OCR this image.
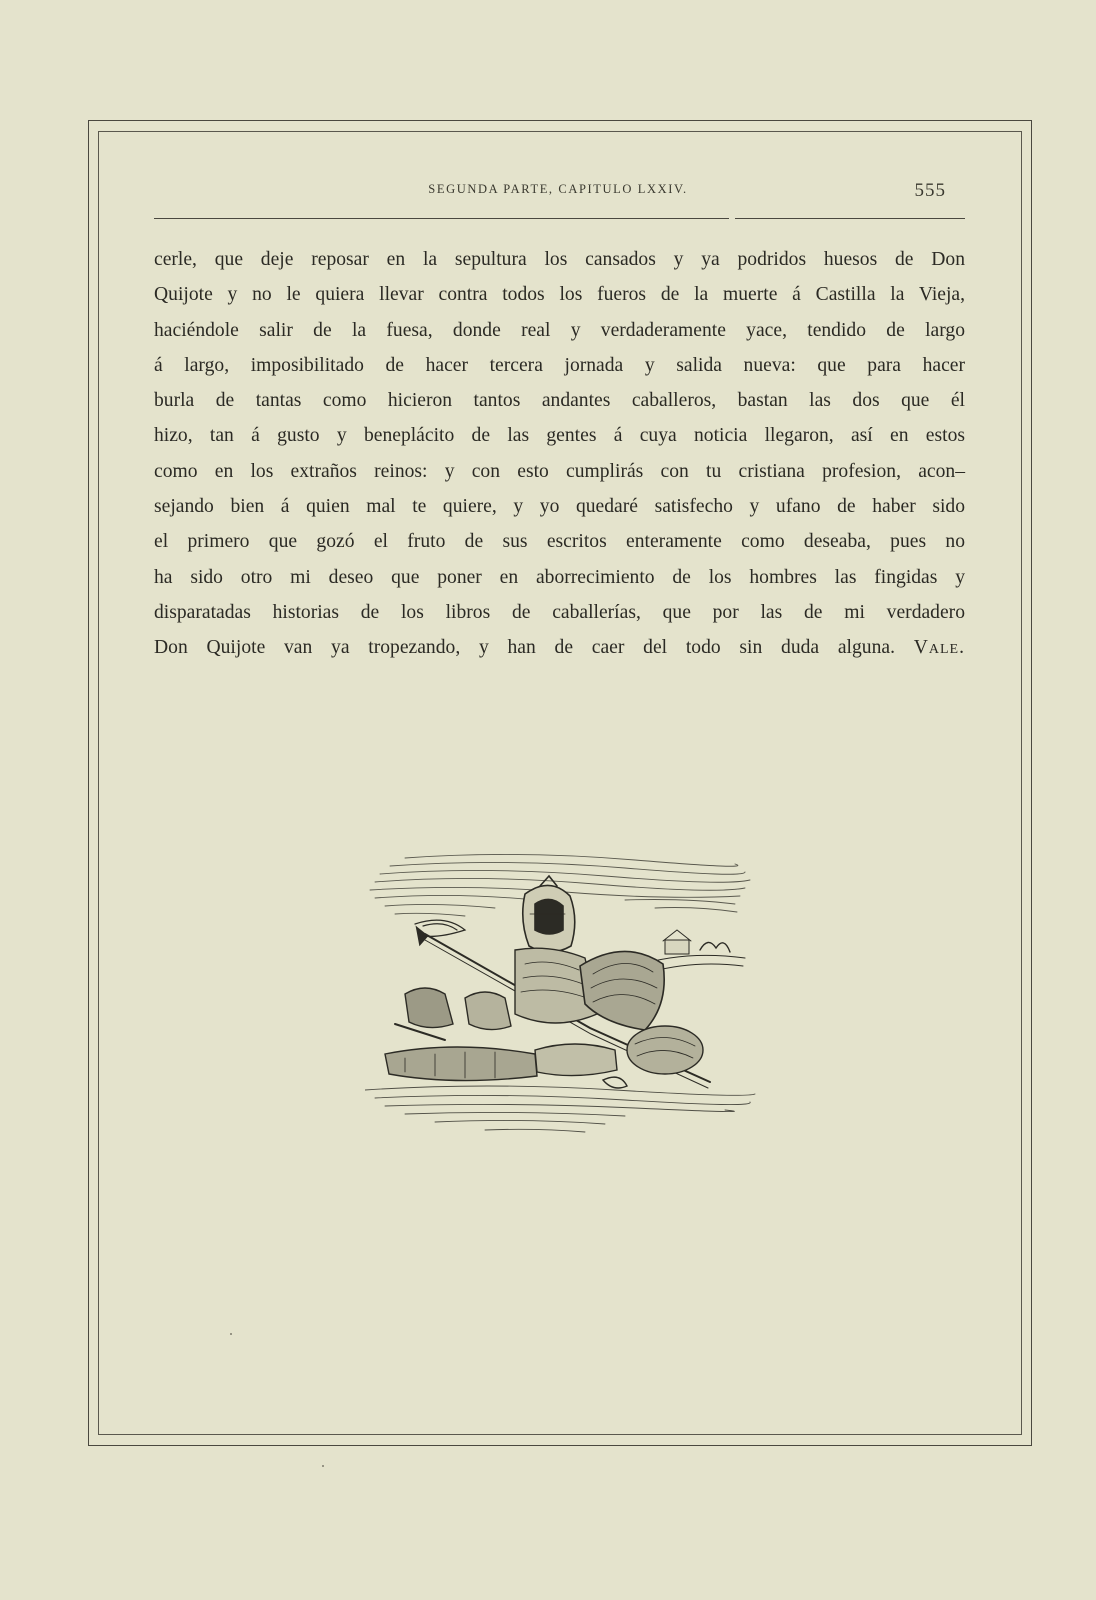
SEGUNDA PARTE, CAPITULO LXXIV.	555
cerle, que deje reposar en la sepultura los cansados y ya podridos huesos de Don
Quijote y no le quiera llevar contra todos los fueros de la muerte á Castilla la Vieja,
haciéndole salir de la fuesa, donde real y verdaderamente yace, tendido de largo
á largo, imposibilitado de hacer tercera jornada y salida nueva: que para hacer
burla de tantas como hicieron tantos andantes caballeros, bastan las dos que él
hizo, tan á gusto y beneplácito de las gentes á cuya noticia llegaron, así en estos
como en los extraños reinos: y con esto cumplirás con tu cristiana profesion, acon–
sejando bien á quien mal te quiere, y yo quedaré satisfecho y ufano de haber sido
el primero que gozó el fruto de sus escritos enteramente como deseaba, pues no
ha sido otro mi deseo que poner en aborrecimiento de los hombres las fingidas y
disparatadas historias de los libros de caballerías, que por las de mi verdadero
Don Quijote van ya tropezando, y han de caer del todo sin duda alguna. Vale.
